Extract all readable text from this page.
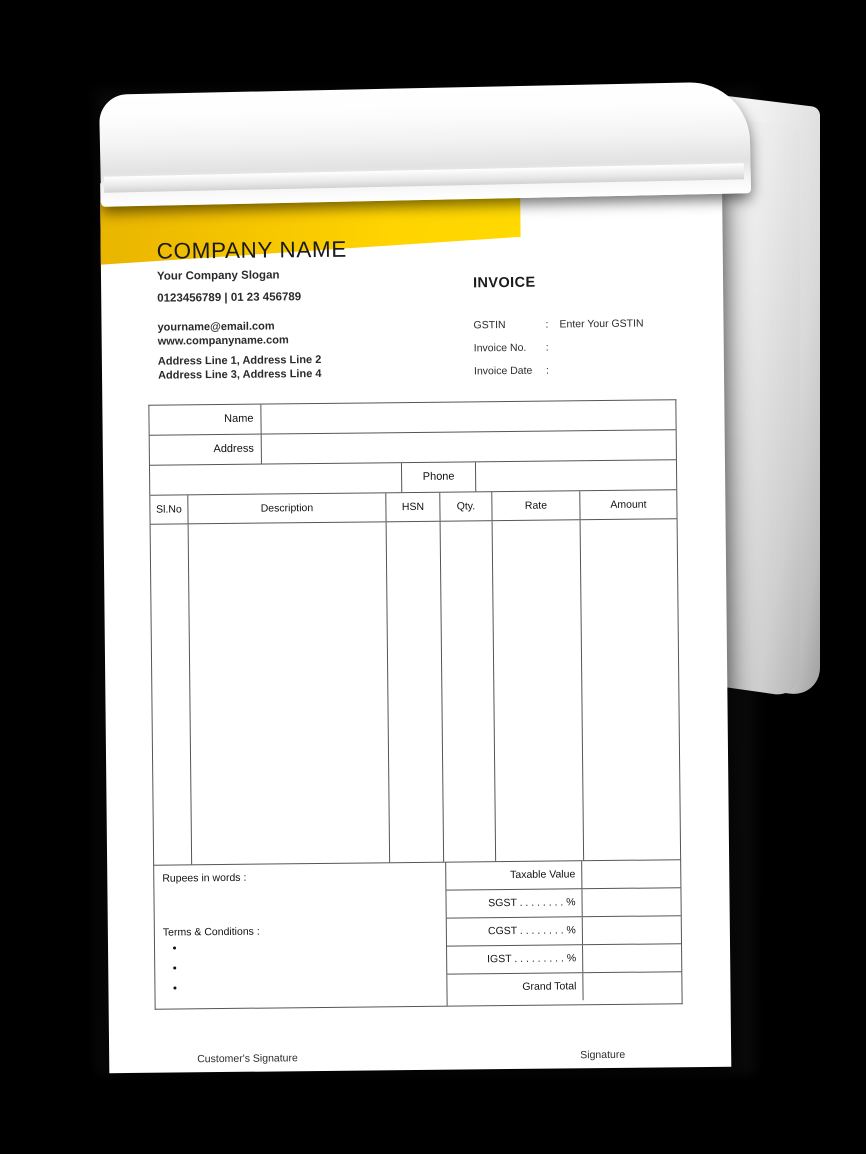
COMPANY NAME
Your Company Slogan
0123456789 | 01 23 456789
yourname@email.com
www.companyname.com
Address Line 1, Address Line 2
Address Line 3, Address Line 4
INVOICE
GSTIN	:	Enter Your GSTIN
Invoice No.	:
Invoice Date	:
Name
Address
Phone
Sl.No	Description	HSN	Qty.	Rate	Amount
Rupees in words :
Terms & Conditions :
•
•
•
Taxable Value
SGST . . . . . . . . %
CGST . . . . . . . . %
IGST . . . . . . . . . %
Grand Total
Customer's Signature	Signature
